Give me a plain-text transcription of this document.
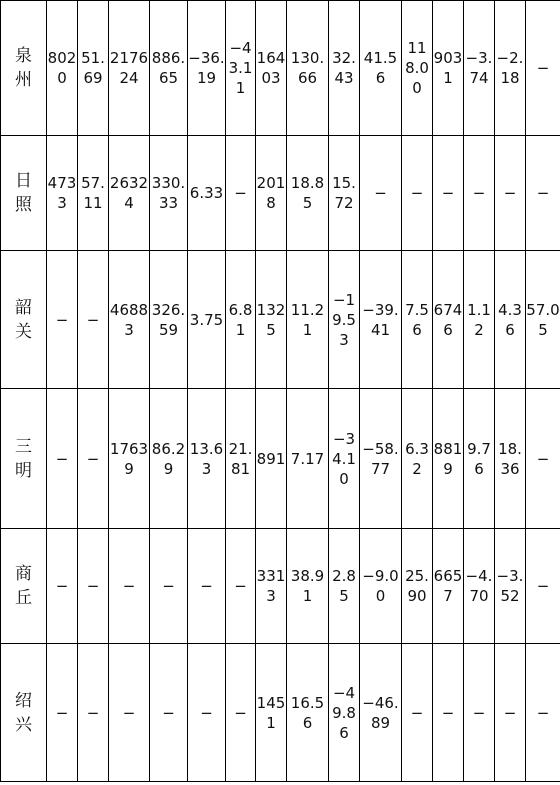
泉州	8020	51.69	217624	886.65	−36.19	−43.11	16403	130.66	32.43	41.56	118.00	9031	−3.74	−2.18	−
日照	4733	57.11	26324	330.33	6.33	−	2018	18.85	15.72	−	−	−	−	−	−
韶关	−	−	46883	326.59	3.75	6.81	1325	11.21	−19.53	−39.41	7.56	6746	1.12	4.36	57.05
三明	−	−	17639	86.29	13.63	21.81	891	7.17	−34.10	−58.77	6.32	8819	9.76	18.36	−
商丘	−	−	−	−	−	−	3313	38.91	2.85	−9.00	25.90	6657	−4.70	−3.52	−
绍兴	−	−	−	−	−	−	1451	16.56	−49.86	−46.89	−	−	−	−	−
